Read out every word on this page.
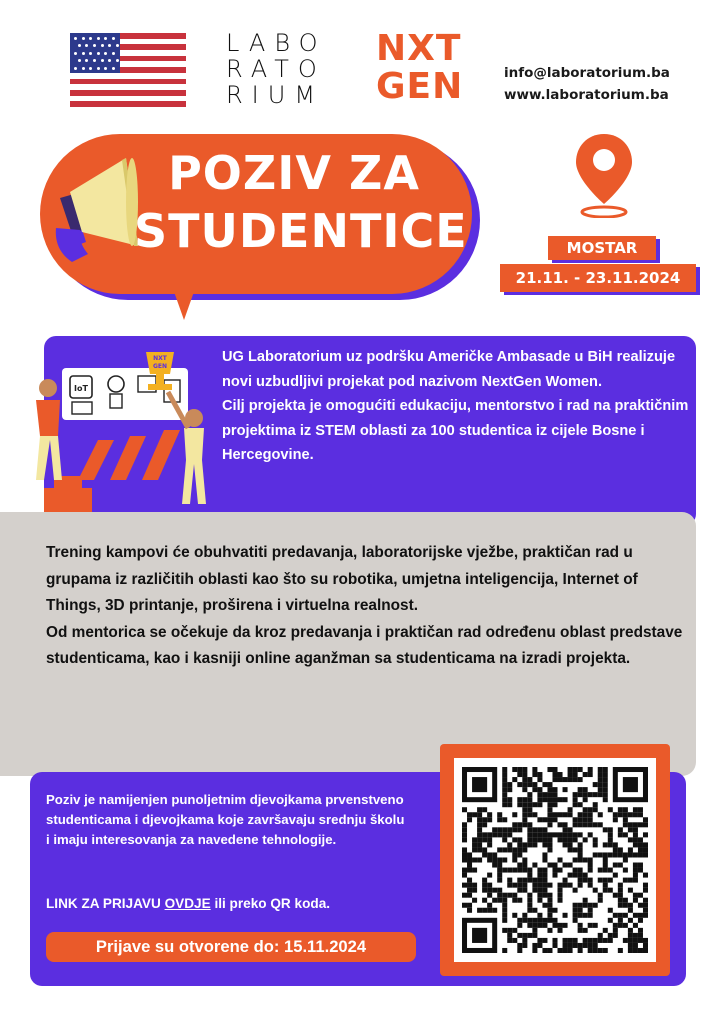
LABO
RATO
RIUM
NXT
GEN	info@laboratorium.ba
www.laboratorium.ba
POZIV ZA
STUDENTICE	MOSTAR
21.11. - 23.11.2024
IoT
NXT
GEN

UG Laboratorium uz podršku Američke Ambasade u BiH realizuje novi uzbudljivi projekat pod nazivom NextGen Women.

Cilj projekta je omogućiti edukaciju, mentorstvo i rad na praktičnim projektima iz STEM oblasti za 100 studentica iz cijele Bosne i Hercegovine.

Trening kampovi će obuhvatiti predavanja, laboratorijske vježbe, praktičan rad u grupama iz različitih oblasti kao što su robotika, umjetna inteligencija, Internet of Things, 3D printanje, proširena i virtuelna realnost.

Od mentorica se očekuje da kroz predavanja i praktičan rad određenu oblast predstave studenticama, kao i kasniji online aganžman sa studenticama na izradi projekta.

Poziv je namijenjen punoljetnim djevojkama prvenstveno studenticama i djevojkama koje završavaju srednju školu i imaju interesovanja za navedene tehnologije.
LINK ZA PRIJAVU OVDJE ili preko QR koda.
Prijave su otvorene do: 15.11.2024
